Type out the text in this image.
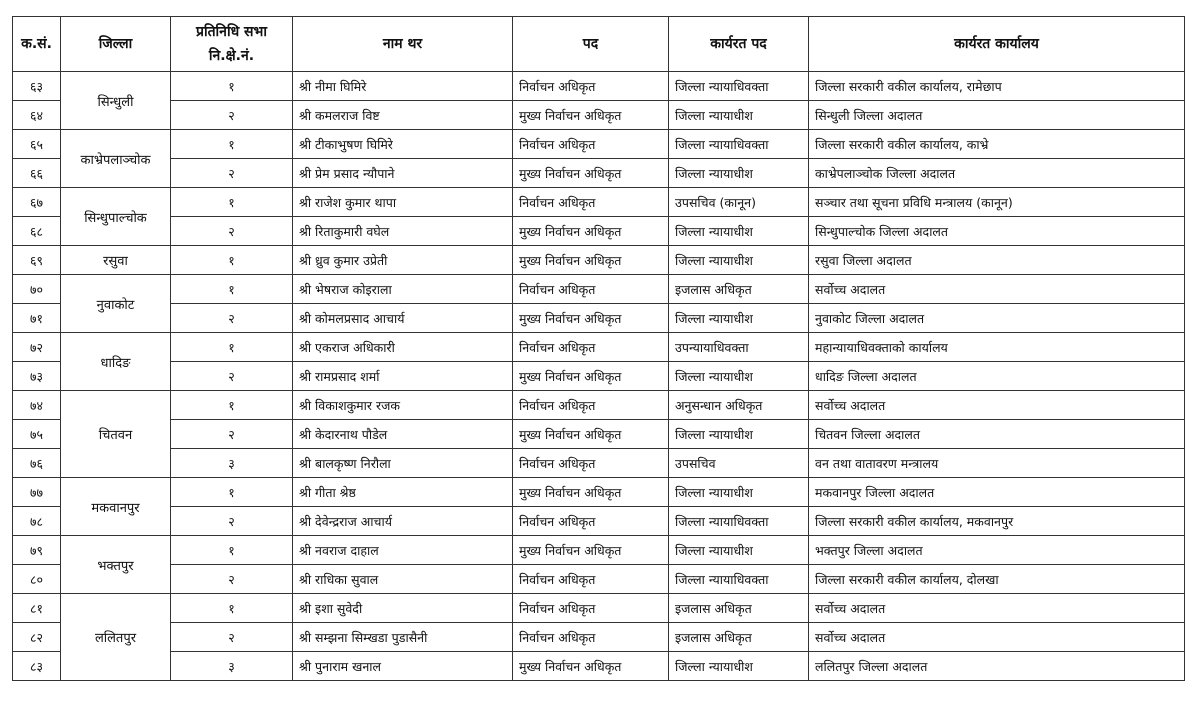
क.सं.	जिल्ला	प्रतिनिधि सभा
नि.क्षे.नं.	नाम थर	पद	कार्यरत पद	कार्यरत कार्यालय
६३	सिन्धुली	१	श्री नीमा घिमिरे	निर्वाचन अधिकृत	जिल्ला न्यायाधिवक्ता	जिल्ला सरकारी वकील कार्यालय, रामेछाप
६४		२	श्री कमलराज विष्ट	मुख्य निर्वाचन अधिकृत	जिल्ला न्यायाधीश	सिन्धुली जिल्ला अदालत
६५	काभ्रेपलाञ्चोक	१	श्री टीकाभुषण घिमिरे	निर्वाचन अधिकृत	जिल्ला न्यायाधिवक्ता	जिल्ला सरकारी वकील कार्यालय, काभ्रे
६६		२	श्री प्रेम प्रसाद न्यौपाने	मुख्य निर्वाचन अधिकृत	जिल्ला न्यायाधीश	काभ्रेपलाञ्चोक जिल्ला अदालत
६७	सिन्धुपाल्चोक	१	श्री राजेश कुमार थापा	निर्वाचन अधिकृत	उपसचिव (कानून)	सञ्चार तथा सूचना प्रविधि मन्त्रालय (कानून)
६८		२	श्री रिताकुमारी वघेल	मुख्य निर्वाचन अधिकृत	जिल्ला न्यायाधीश	सिन्धुपाल्चोक जिल्ला अदालत
६९	रसुवा	१	श्री ध्रुव कुमार उप्रेती	मुख्य निर्वाचन अधिकृत	जिल्ला न्यायाधीश	रसुवा जिल्ला अदालत
७०	नुवाकोट	१	श्री भेषराज कोइराला	निर्वाचन अधिकृत	इजलास अधिकृत	सर्वोच्च अदालत
७१		२	श्री कोमलप्रसाद आचार्य	मुख्य निर्वाचन अधिकृत	जिल्ला न्यायाधीश	नुवाकोट जिल्ला अदालत
७२	धादिङ	१	श्री एकराज अधिकारी	निर्वाचन अधिकृत	उपन्यायाधिवक्ता	महान्यायाधिवक्ताको कार्यालय
७३		२	श्री रामप्रसाद शर्मा	मुख्य निर्वाचन अधिकृत	जिल्ला न्यायाधीश	धादिङ जिल्ला अदालत
७४	चितवन	१	श्री विकाशकुमार रजक	निर्वाचन अधिकृत	अनुसन्धान अधिकृत	सर्वोच्च अदालत
७५		२	श्री केदारनाथ पौडेल	मुख्य निर्वाचन अधिकृत	जिल्ला न्यायाधीश	चितवन जिल्ला अदालत
७६		३	श्री बालकृष्ण निरौला	निर्वाचन अधिकृत	उपसचिव	वन तथा वातावरण मन्त्रालय
७७	मकवानपुर	१	श्री गीता श्रेष्ठ	मुख्य निर्वाचन अधिकृत	जिल्ला न्यायाधीश	मकवानपुर जिल्ला अदालत
७८		२	श्री देवेन्द्रराज आचार्य	निर्वाचन अधिकृत	जिल्ला न्यायाधिवक्ता	जिल्ला सरकारी वकील कार्यालय, मकवानपुर
७९	भक्तपुर	१	श्री नवराज दाहाल	मुख्य निर्वाचन अधिकृत	जिल्ला न्यायाधीश	भक्तपुर जिल्ला अदालत
८०		२	श्री राधिका सुवाल	निर्वाचन अधिकृत	जिल्ला न्यायाधिवक्ता	जिल्ला सरकारी वकील कार्यालय, दोलखा
८१	ललितपुर	१	श्री इशा सुवेदी	निर्वाचन अधिकृत	इजलास अधिकृत	सर्वोच्च अदालत
८२		२	श्री सम्झना सिम्खडा पुडासैनी	निर्वाचन अधिकृत	इजलास अधिकृत	सर्वोच्च अदालत
८३		३	श्री पुनाराम खनाल	मुख्य निर्वाचन अधिकृत	जिल्ला न्यायाधीश	ललितपुर जिल्ला अदालत
